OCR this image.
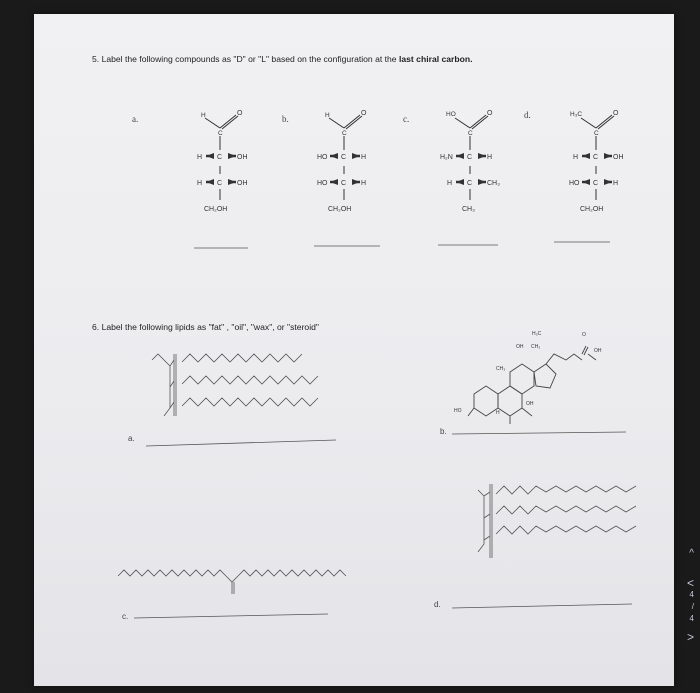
5. Label the following compounds as "D" or "L" based on the configuration at the last chiral carbon.
a.	b.	c.	d.
H	O
C
C
C
H	OH
H	OH
CH₂OH
H	O
C
C
C
HO	H
HO	H
CH₂OH
HO	O
C
C
C
H₂N	H
H	CH₃
CH₃
H₃C	O
C
C
C
H	OH
HO	H
CH₂OH
6. Label the following lipids as "fat" , "oil", "wax", or "steroid"
a.
b.
c.
d.
OH
H₃C
CH₃
O
OH
CH₃
HO	H
OH
^
<
4
/
4
>
